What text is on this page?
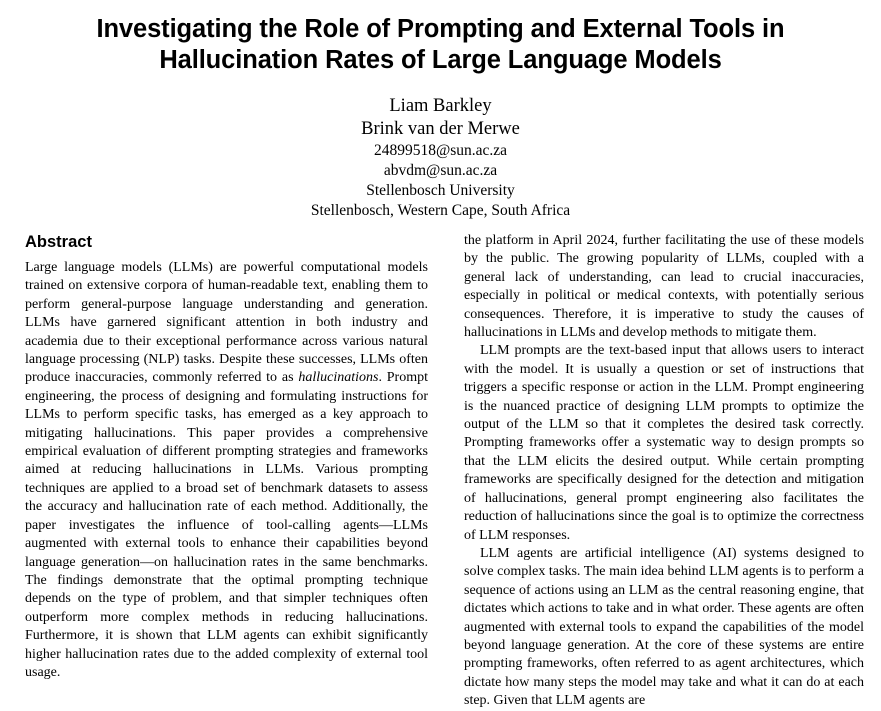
Investigating the Role of Prompting and External Tools in
Hallucination Rates of Large Language Models
Liam Barkley
Brink van der Merwe
24899518@sun.ac.za
abvdm@sun.ac.za
Stellenbosch University
Stellenbosch, Western Cape, South Africa
Abstract

Large language models (LLMs) are powerful computational models trained on extensive corpora of human-readable text, enabling them to perform general-purpose language understanding and generation. LLMs have garnered significant attention in both industry and academia due to their exceptional performance across various natural language processing (NLP) tasks. Despite these successes, LLMs often produce inaccuracies, commonly referred to as hallucinations. Prompt engineering, the process of designing and formulating instructions for LLMs to perform specific tasks, has emerged as a key approach to mitigating hallucinations. This paper provides a comprehensive empirical evaluation of different prompting strategies and frameworks aimed at reducing hallucinations in LLMs. Various prompting techniques are applied to a broad set of benchmark datasets to assess the accuracy and hallucination rate of each method. Additionally, the paper investigates the influence of tool-calling agents—LLMs augmented with external tools to enhance their capabilities beyond language generation—on hallucination rates in the same benchmarks. The findings demonstrate that the optimal prompting technique depends on the type of problem, and that simpler techniques often outperform more complex methods in reducing hallucinations. Furthermore, it is shown that LLM agents can exhibit significantly higher hallucination rates due to the added complexity of external tool usage.

the platform in April 2024, further facilitating the use of these models by the public. The growing popularity of LLMs, coupled with a general lack of understanding, can lead to crucial inaccuracies, especially in political or medical contexts, with potentially serious consequences. Therefore, it is imperative to study the causes of hallucinations in LLMs and develop methods to mitigate them.

LLM prompts are the text-based input that allows users to interact with the model. It is usually a question or set of instructions that triggers a specific response or action in the LLM. Prompt engineering is the nuanced practice of designing LLM prompts to optimize the output of the LLM so that it completes the desired task correctly. Prompting frameworks offer a systematic way to design prompts so that the LLM elicits the desired output. While certain prompting frameworks are specifically designed for the detection and mitigation of hallucinations, general prompt engineering also facilitates the reduction of hallucinations since the goal is to optimize the correctness of LLM responses.

LLM agents are artificial intelligence (AI) systems designed to solve complex tasks. The main idea behind LLM agents is to perform a sequence of actions using an LLM as the central reasoning engine, that dictates which actions to take and in what order. These agents are often augmented with external tools to expand the capabilities of the model beyond language generation. At the core of these systems are entire prompting frameworks, often referred to as agent architectures, which dictate how many steps the model may take and what it can do at each step. Given that LLM agents are
